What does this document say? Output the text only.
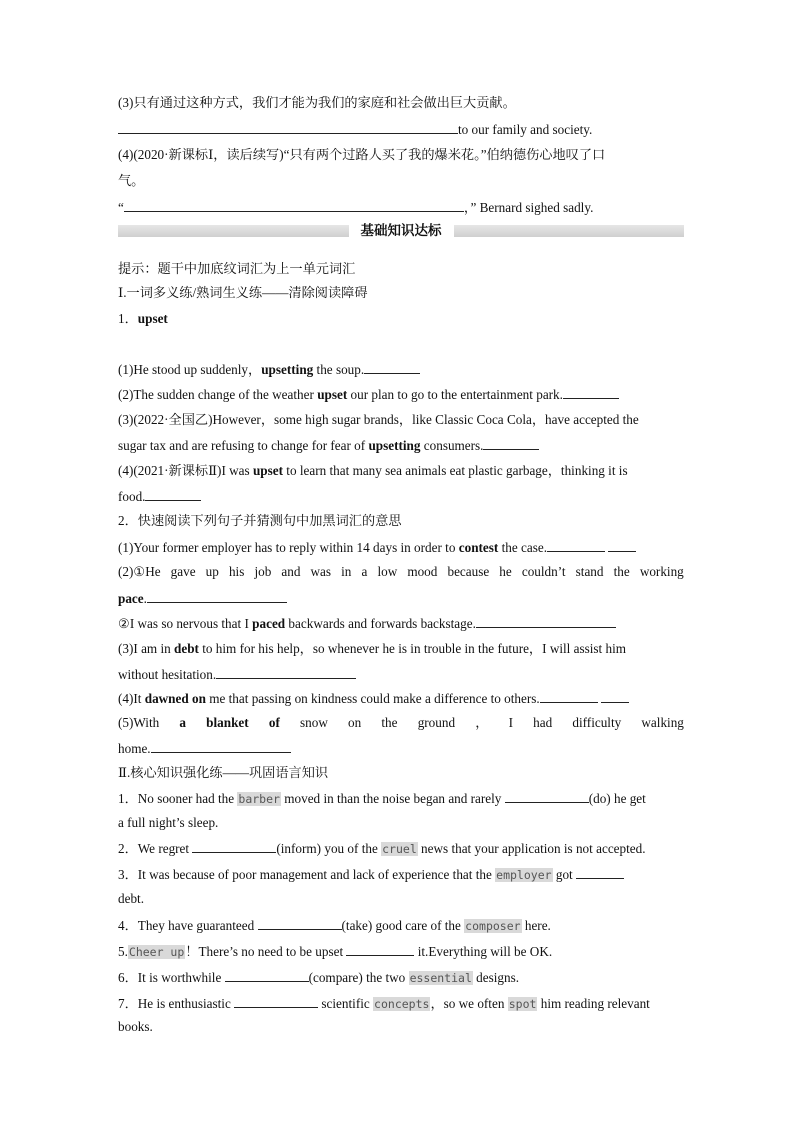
(3)只有通过这种方式，我们才能为我们的家庭和社会做出巨大贡献。
to our family and society.
(4)(2020·新课标Ⅰ，读后续写)“只有两个过路人买了我的爆米花。”伯纳德伤心地叹了口
气。
“	，” Bernard sighed sadly.
基础知识达标
提示：题干中加底纹词汇为上一单元词汇
Ⅰ.一词多义练/熟词生义练——清除阅读障碍
1．upset
(1)He stood up suddenly，upsetting the soup.
(2)The sudden change of the weather upset our plan to go to the entertainment park.
(3)(2022·全国乙)However，some high sugar brands，like Classic Coca Cola，have accepted the
sugar tax and are refusing to change for fear of upsetting consumers.
(4)(2021·新课标Ⅱ)I was upset to learn that many sea animals eat plastic garbage，thinking it is
food.
2．快速阅读下列句子并猜测句中加黑词汇的意思
(1)Your former employer has to reply within 14 days in order to contest the case.
(2)①He gave up his job and was in a low mood because he couldn’t stand the working
pace.
②I was so nervous that I paced backwards and forwards backstage.
(3)I am in debt to him for his help，so whenever he is in trouble in the future，I will assist him
without hesitation.
(4)It dawned on me that passing on kindness could make a difference to others.
(5)With a blanket of snow on the ground ， I had difficulty walking
home.
Ⅱ.核心知识强化练——巩固语言知识
1．No sooner had the barber moved in than the noise began and rarely	(do) he get
a full night’s sleep.
2．We regret	(inform) you of the cruel news that your application is not accepted.
3．It was because of poor management and lack of experience that the employer got
debt.
4．They have guaranteed	(take) good care of the composer here.
5.Cheer up！There’s no need to be upset	it.Everything will be OK.
6．It is worthwhile	(compare) the two essential designs.
7．He is enthusiastic	scientific concepts，so we often spot him reading relevant
books.
